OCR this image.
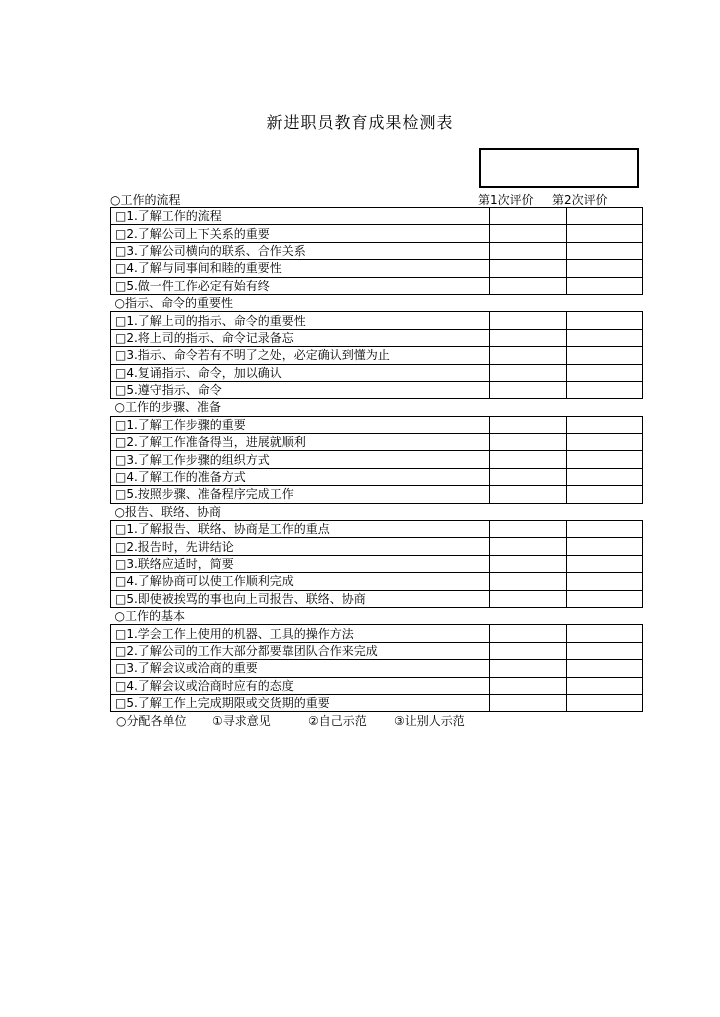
新进职员教育成果检测表
○工作的流程	第1次评价 第2次评价
□1.了解工作的流程		
□2.了解公司上下关系的重要		
□3.了解公司横向的联系、合作关系		
□4.了解与同事间和睦的重要性		
□5.做一件工作必定有始有终		
○指示、命令的重要性		
□1.了解上司的指示、命令的重要性		
□2.将上司的指示、命令记录备忘		
□3.指示、命令若有不明了之处，必定确认到懂为止		
□4.复诵指示、命令，加以确认		
□5.遵守指示、命令		
○工作的步骤、准备		
□1.了解工作步骤的重要		
□2.了解工作准备得当，进展就顺利		
□3.了解工作步骤的组织方式		
□4.了解工作的准备方式		
□5.按照步骤、准备程序完成工作		
○报告、联络、协商		
□1.了解报告、联络、协商是工作的重点		
□2.报告时，先讲结论		
□3.联络应适时，简要		
□4.了解协商可以使工作顺利完成		
□5.即使被挨骂的事也向上司报告、联络、协商		
○工作的基本		
□1.学会工作上使用的机器、工具的操作方法		
□2.了解公司的工作大部分都要靠团队合作来完成		
□3.了解会议或洽商的重要		
□4.了解会议或洽商时应有的态度		
□5.了解工作上完成期限或交货期的重要		
○分配各单位 ①寻求意见	②自己示范 ③让别人示范
